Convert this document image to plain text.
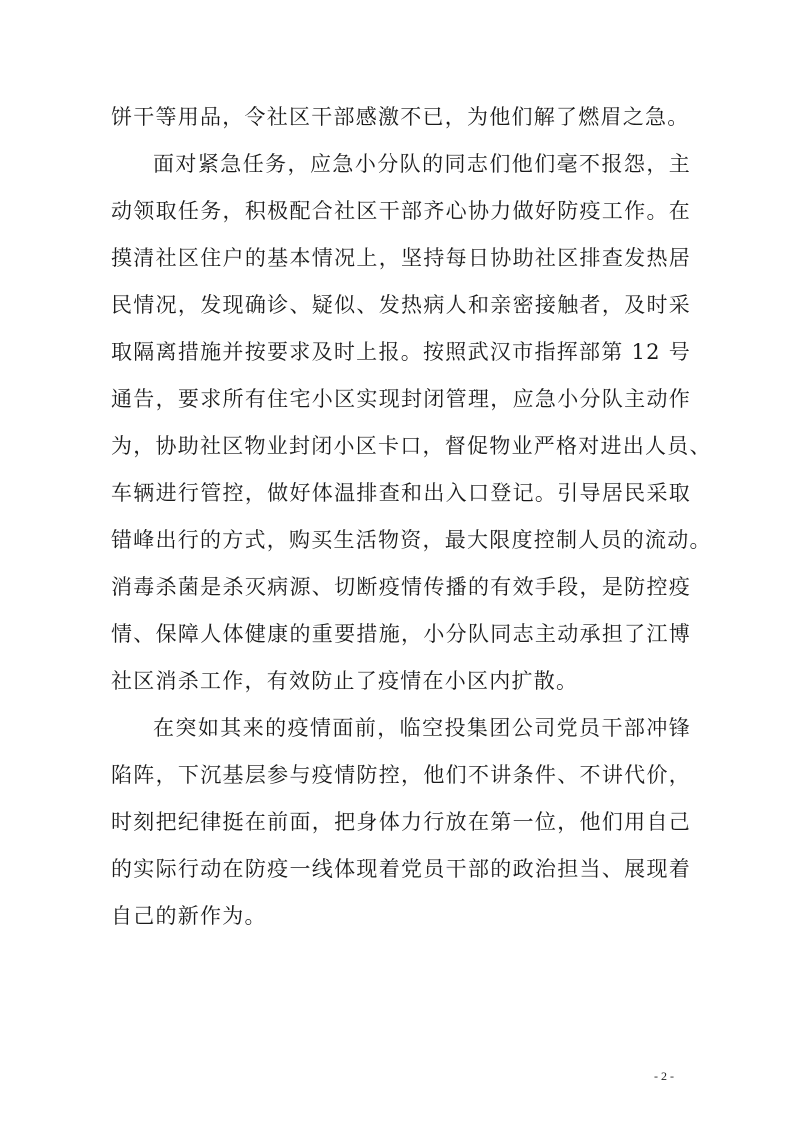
饼干等用品，令社区干部感激不已，为他们解了燃眉之急。
面对紧急任务，应急小分队的同志们他们毫不报怨，主
动领取任务，积极配合社区干部齐心协力做好防疫工作。在
摸清社区住户的基本情况上，坚持每日协助社区排查发热居
民情况，发现确诊、疑似、发热病人和亲密接触者，及时采
取隔离措施并按要求及时上报。按照武汉市指挥部第 12 号
通告，要求所有住宅小区实现封闭管理，应急小分队主动作
为，协助社区物业封闭小区卡口，督促物业严格对进出人员、
车辆进行管控，做好体温排查和出入口登记。引导居民采取
错峰出行的方式，购买生活物资，最大限度控制人员的流动。
消毒杀菌是杀灭病源、切断疫情传播的有效手段，是防控疫
情、保障人体健康的重要措施，小分队同志主动承担了江博
社区消杀工作，有效防止了疫情在小区内扩散。
在突如其来的疫情面前，临空投集团公司党员干部冲锋
陷阵，下沉基层参与疫情防控，他们不讲条件、不讲代价，
时刻把纪律挺在前面，把身体力行放在第一位，他们用自己
的实际行动在防疫一线体现着党员干部的政治担当、展现着
自己的新作为。
- 2 -
